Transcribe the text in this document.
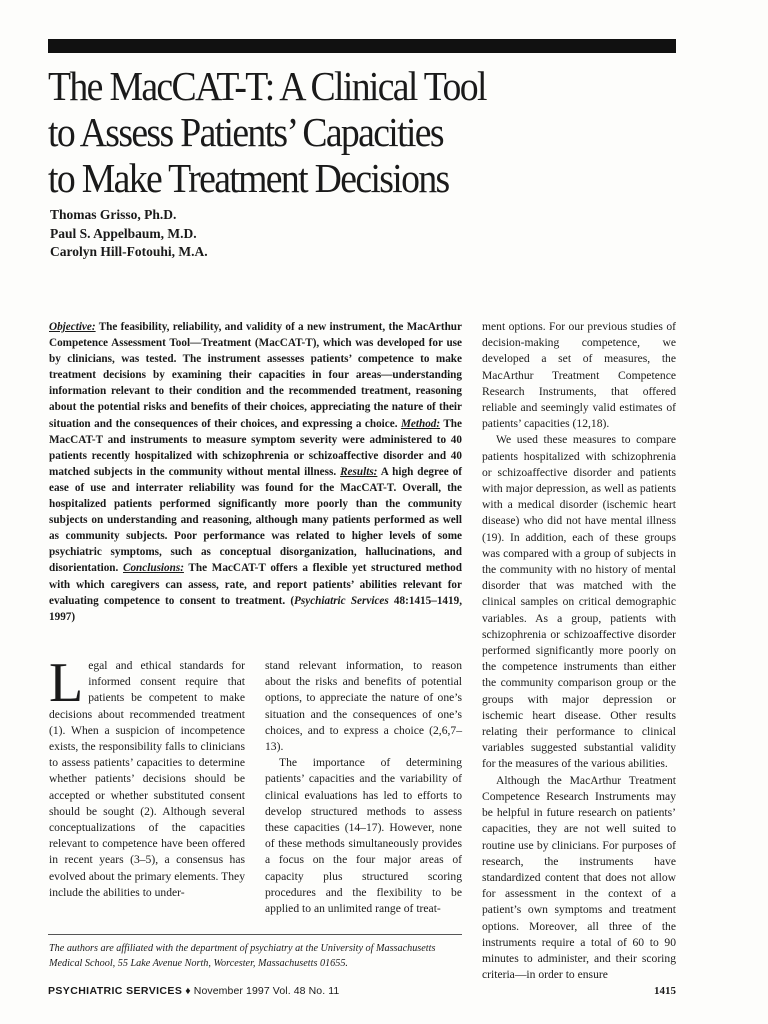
The MacCAT-T: A Clinical Tool
to Assess Patients’ Capacities
to Make Treatment Decisions
Thomas Grisso, Ph.D.
Paul S. Appelbaum, M.D.
Carolyn Hill-Fotouhi, M.A.
Objective: The feasibility, reliability, and validity of a new instrument, the MacArthur Competence Assessment Tool—Treatment (MacCAT-T), which was developed for use by clinicians, was tested. The instrument assesses patients’ competence to make treatment decisions by examining their capacities in four areas—understanding information relevant to their condition and the recommended treatment, reasoning about the potential risks and benefits of their choices, appreciating the nature of their situation and the consequences of their choices, and expressing a choice. Method: The MacCAT-T and instruments to measure symptom severity were administered to 40 patients recently hospitalized with schizophrenia or schizoaffective disorder and 40 matched subjects in the community without mental illness. Results: A high degree of ease of use and interrater reliability was found for the MacCAT-T. Overall, the hospitalized patients performed significantly more poorly than the community subjects on understanding and reasoning, although many patients performed as well as community subjects. Poor performance was related to higher levels of some psychiatric symptoms, such as conceptual disorganization, hallucinations, and disorientation. Conclusions: The MacCAT-T offers a flexible yet structured method with which caregivers can assess, rate, and report patients’ abilities relevant for evaluating competence to consent to treatment. (Psychiatric Services 48:1415–1419, 1997)

Legal and ethical standards for informed consent require that patients be competent to make decisions about recommended treatment (1). When a suspicion of incompetence exists, the responsibility falls to clinicians to assess patients’ capacities to determine whether patients’ decisions should be accepted or whether substituted consent should be sought (2). Although several conceptualizations of the capacities relevant to competence have been offered in recent years (3–5), a consensus has evolved about the primary elements. They include the abilities to under-

stand relevant information, to reason about the risks and benefits of potential options, to appreciate the nature of one’s situation and the consequences of one’s choices, and to express a choice (2,6,7–13).

The importance of determining patients’ capacities and the variability of clinical evaluations has led to efforts to develop structured methods to assess these capacities (14–17). However, none of these methods simultaneously provides a focus on the four major areas of capacity plus structured scoring procedures and the flexibility to be applied to an unlimited range of treat-

ment options. For our previous studies of decision-making competence, we developed a set of measures, the MacArthur Treatment Competence Research Instruments, that offered reliable and seemingly valid estimates of patients’ capacities (12,18).

We used these measures to compare patients hospitalized with schizophrenia or schizoaffective disorder and patients with major depression, as well as patients with a medical disorder (ischemic heart disease) who did not have mental illness (19). In addition, each of these groups was compared with a group of subjects in the community with no history of mental disorder that was matched with the clinical samples on critical demographic variables. As a group, patients with schizophrenia or schizoaffective disorder performed significantly more poorly on the competence instruments than either the community comparison group or the groups with major depression or ischemic heart disease. Other results relating their performance to clinical variables suggested substantial validity for the measures of the various abilities.

Although the MacArthur Treatment Competence Research Instruments may be helpful in future research on patients’ capacities, they are not well suited to routine use by clinicians. For purposes of research, the instruments have standardized content that does not allow for assessment in the context of a patient’s own symptoms and treatment options. Moreover, all three of the instruments require a total of 60 to 90 minutes to administer, and their scoring criteria—in order to ensure

The authors are affiliated with the department of psychiatry at the University of Massachusetts Medical School, 55 Lake Avenue North, Worcester, Massachusetts 01655.
PSYCHIATRIC SERVICES ♦ November 1997 Vol. 48 No. 11	1415
